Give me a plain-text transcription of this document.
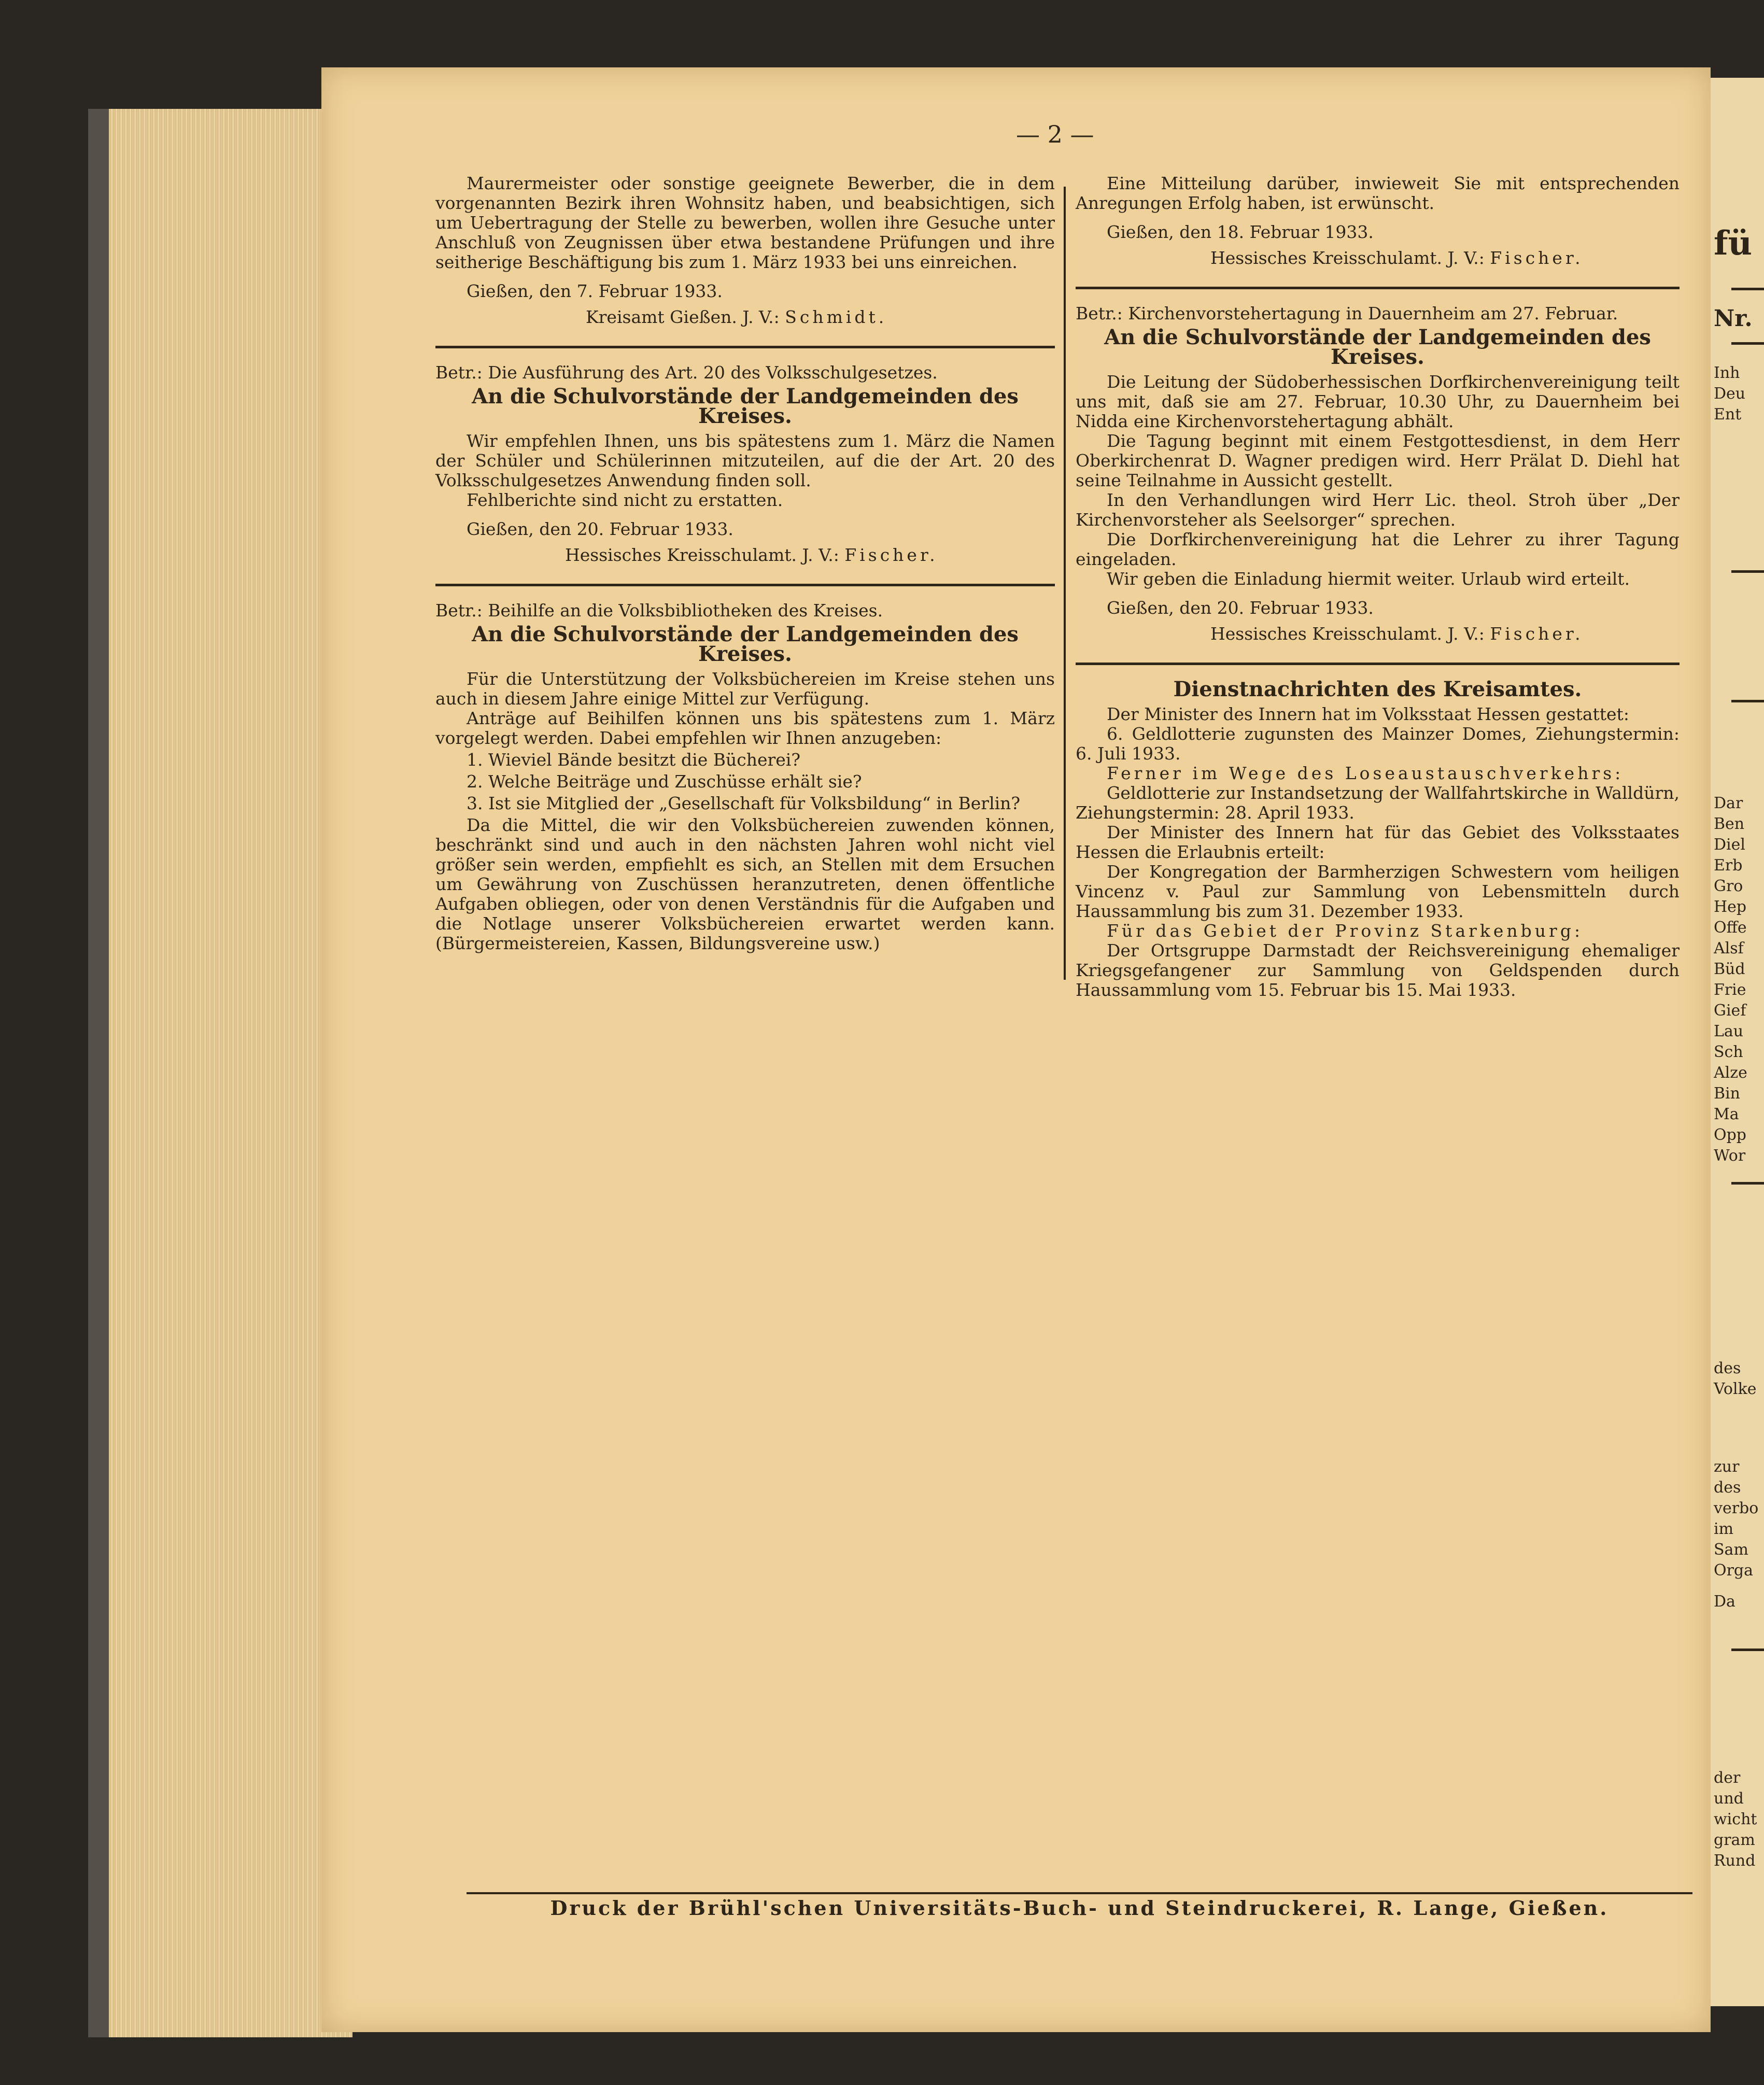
fü
Nr.
Inh
Deu
Ent
Dar
Ben
Diel
Erb
Gro
Hep
Offe
Alsf
Büd
Frie
Gief
Lau
Sch
Alze
Bin
Ma
Opp
Wor
des
Volke
zur
des
verbo
im
Sam
Orga
Da
der
und
wicht
gram
Rund
— 2 —

Maurermeister oder sonstige geeignete Bewerber, die in dem vorgenannten Bezirk ihren Wohnsitz haben, und beabsichtigen, sich um Uebertragung der Stelle zu bewerben, wollen ihre Gesuche unter Anschluß von Zeugnissen über etwa bestandene Prüfungen und ihre seitherige Beschäftigung bis zum 1. März 1933 bei uns einreichen.

Gießen, den 7. Februar 1933.

Kreisamt Gießen. J. V.: Schmidt.

Betr.: Die Ausführung des Art. 20 des Volksschulgesetzes.

An die Schulvorstände der Landgemeinden des Kreises.

Wir empfehlen Ihnen, uns bis spätestens zum 1. März die Namen der Schüler und Schülerinnen mitzuteilen, auf die der Art. 20 des Volksschulgesetzes Anwendung finden soll.

Fehlberichte sind nicht zu erstatten.

Gießen, den 20. Februar 1933.

Hessisches Kreisschulamt. J. V.: Fischer.

Betr.: Beihilfe an die Volksbibliotheken des Kreises.

An die Schulvorstände der Landgemeinden des Kreises.

Für die Unterstützung der Volksbüchereien im Kreise stehen uns auch in diesem Jahre einige Mittel zur Verfügung.

Anträge auf Beihilfen können uns bis spätestens zum 1. März vorgelegt werden. Dabei empfehlen wir Ihnen anzugeben:

1. Wieviel Bände besitzt die Bücherei?

2. Welche Beiträge und Zuschüsse erhält sie?

3. Ist sie Mitglied der „Gesellschaft für Volksbildung“ in Berlin?

Da die Mittel, die wir den Volksbüchereien zuwenden können, beschränkt sind und auch in den nächsten Jahren wohl nicht viel größer sein werden, empfiehlt es sich, an Stellen mit dem Ersuchen um Gewährung von Zuschüssen heranzutreten, denen öffentliche Aufgaben obliegen, oder von denen Verständnis für die Aufgaben und die Notlage unserer Volksbüchereien erwartet werden kann. (Bürgermeistereien, Kassen, Bildungsvereine usw.)

Eine Mitteilung darüber, inwieweit Sie mit entsprechenden Anregungen Erfolg haben, ist erwünscht.

Gießen, den 18. Februar 1933.

Hessisches Kreisschulamt. J. V.: Fischer.

Betr.: Kirchenvorstehertagung in Dauernheim am 27. Februar.

An die Schulvorstände der Landgemeinden des Kreises.

Die Leitung der Südoberhessischen Dorfkirchenvereinigung teilt uns mit, daß sie am 27. Februar, 10.30 Uhr, zu Dauernheim bei Nidda eine Kirchenvorstehertagung abhält.

Die Tagung beginnt mit einem Festgottesdienst, in dem Herr Oberkirchenrat D. Wagner predigen wird. Herr Prälat D. Diehl hat seine Teilnahme in Aussicht gestellt.

In den Verhandlungen wird Herr Lic. theol. Stroh über „Der Kirchenvorsteher als Seelsorger“ sprechen.

Die Dorfkirchenvereinigung hat die Lehrer zu ihrer Tagung eingeladen.

Wir geben die Einladung hiermit weiter. Urlaub wird erteilt.

Gießen, den 20. Februar 1933.

Hessisches Kreisschulamt. J. V.: Fischer.

Dienstnachrichten des Kreisamtes.

Der Minister des Innern hat im Volksstaat Hessen gestattet:

6. Geldlotterie zugunsten des Mainzer Domes, Ziehungstermin: 6. Juli 1933.

Ferner im Wege des Loseaustauschverkehrs:

Geldlotterie zur Instandsetzung der Wallfahrtskirche in Walldürn, Ziehungstermin: 28. April 1933.

Der Minister des Innern hat für das Gebiet des Volksstaates Hessen die Erlaubnis erteilt:

Der Kongregation der Barmherzigen Schwestern vom heiligen Vincenz v. Paul zur Sammlung von Lebensmitteln durch Haussammlung bis zum 31. Dezember 1933.

Für das Gebiet der Provinz Starkenburg:

Der Ortsgruppe Darmstadt der Reichsvereinigung ehemaliger Kriegsgefangener zur Sammlung von Geldspenden durch Haussammlung vom 15. Februar bis 15. Mai 1933.

Druck der Brühl'schen Universitäts-Buch- und Steindruckerei, R. Lange, Gießen.
